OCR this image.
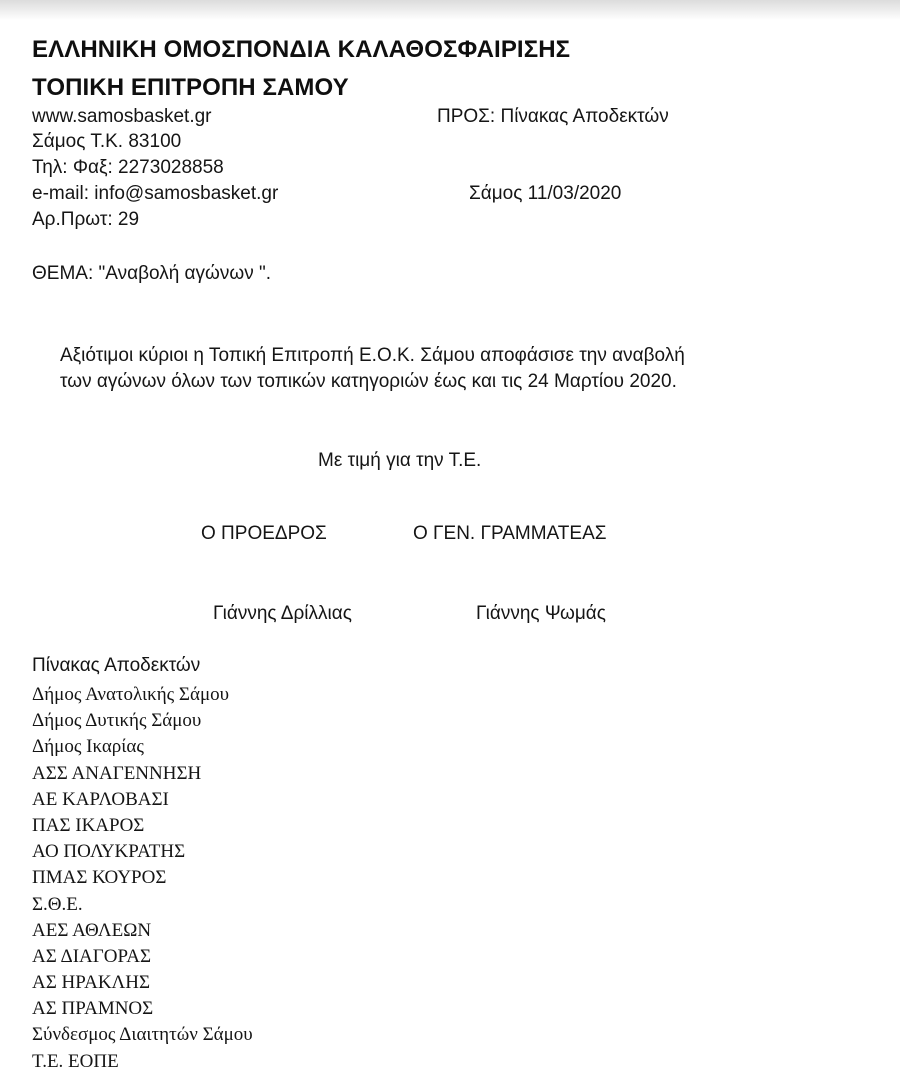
ΕΛΛΗΝΙΚΗ ΟΜΟΣΠΟΝΔΙΑ ΚΑΛΑΘΟΣΦΑΙΡΙΣΗΣ
ΤΟΠΙΚΗ ΕΠΙΤΡΟΠΗ ΣΑΜΟΥ
www.samosbasket.gr
Σάμος Τ.Κ. 83100
Τηλ: Φαξ: 2273028858
e-mail: info@samosbasket.gr
Αρ.Πρωτ: 29
ΠΡΟΣ: Πίνακας Αποδεκτών
Σάμος 11/03/2020
ΘΕΜΑ: "Αναβολή αγώνων ".
Αξιότιμοι κύριοι η Τοπική Επιτροπή Ε.Ο.Κ. Σάμου αποφάσισε την αναβολή
των αγώνων όλων των τοπικών κατηγοριών έως και τις 24 Μαρτίου 2020.
Με τιμή για την Τ.Ε.
Ο ΠΡΟΕΔΡΟΣ	Ο ΓΕΝ. ΓΡΑΜΜΑΤΕΑΣ
Γιάννης Δρίλλιας	Γιάννης Ψωμάς
Πίνακας Αποδεκτών
Δήμος Ανατολικής Σάμου
Δήμος Δυτικής Σάμου
Δήμος Ικαρίας
ΑΣΣ ΑΝΑΓΕΝΝΗΣΗ
ΑΕ ΚΑΡΛΟΒΑΣΙ
ΠΑΣ ΙΚΑΡΟΣ
ΑΟ ΠΟΛΥΚΡΑΤΗΣ
ΠΜΑΣ ΚΟΥΡΟΣ
Σ.Θ.Ε.
ΑΕΣ ΑΘΛΕΩΝ
ΑΣ ΔΙΑΓΟΡΑΣ
ΑΣ ΗΡΑΚΛΗΣ
ΑΣ ΠΡΑΜΝΟΣ
Σύνδεσμος Διαιτητών Σάμου
Τ.Ε. ΕΟΠΕ
